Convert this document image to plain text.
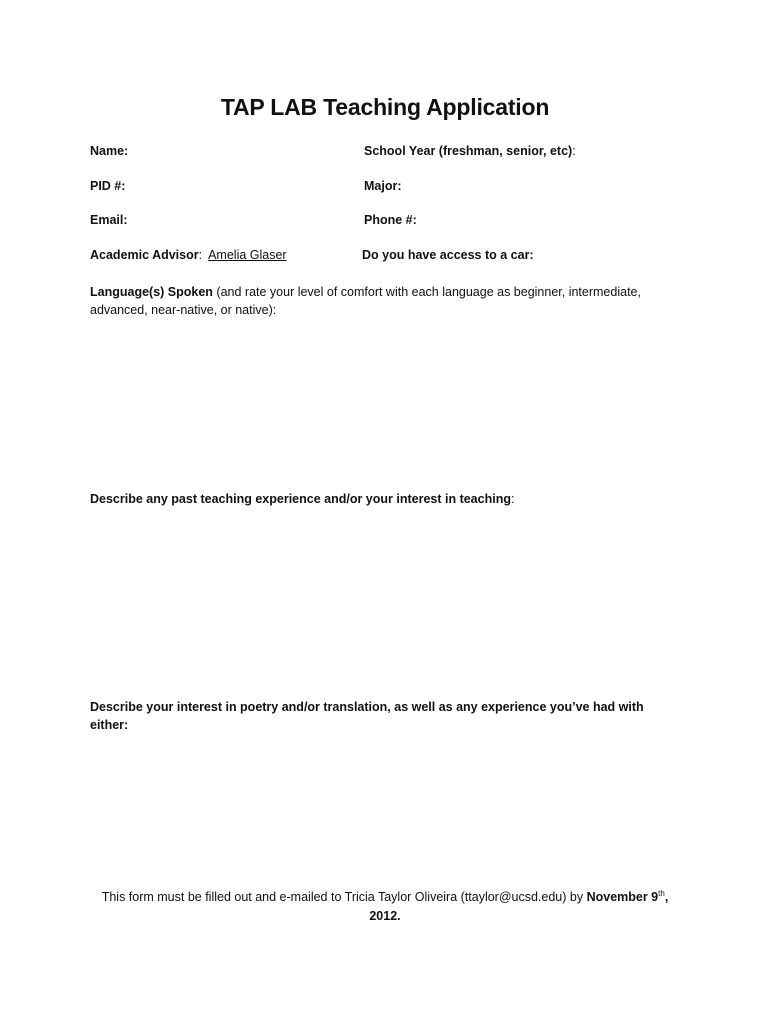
TAP LAB Teaching Application
Name:	School Year (freshman, senior, etc):
PID #:	Major:
Email:	Phone #:
Academic Advisor: Amelia Glaser	Do you have access to a car:
Language(s) Spoken (and rate your level of comfort with each language as beginner, intermediate, advanced, near-native, or native):
Describe any past teaching experience and/or your interest in teaching:
Describe your interest in poetry and/or translation, as well as any experience you’ve had with either:
This form must be filled out and e-mailed to Tricia Taylor Oliveira (ttaylor@ucsd.edu) by November 9th,
2012.
